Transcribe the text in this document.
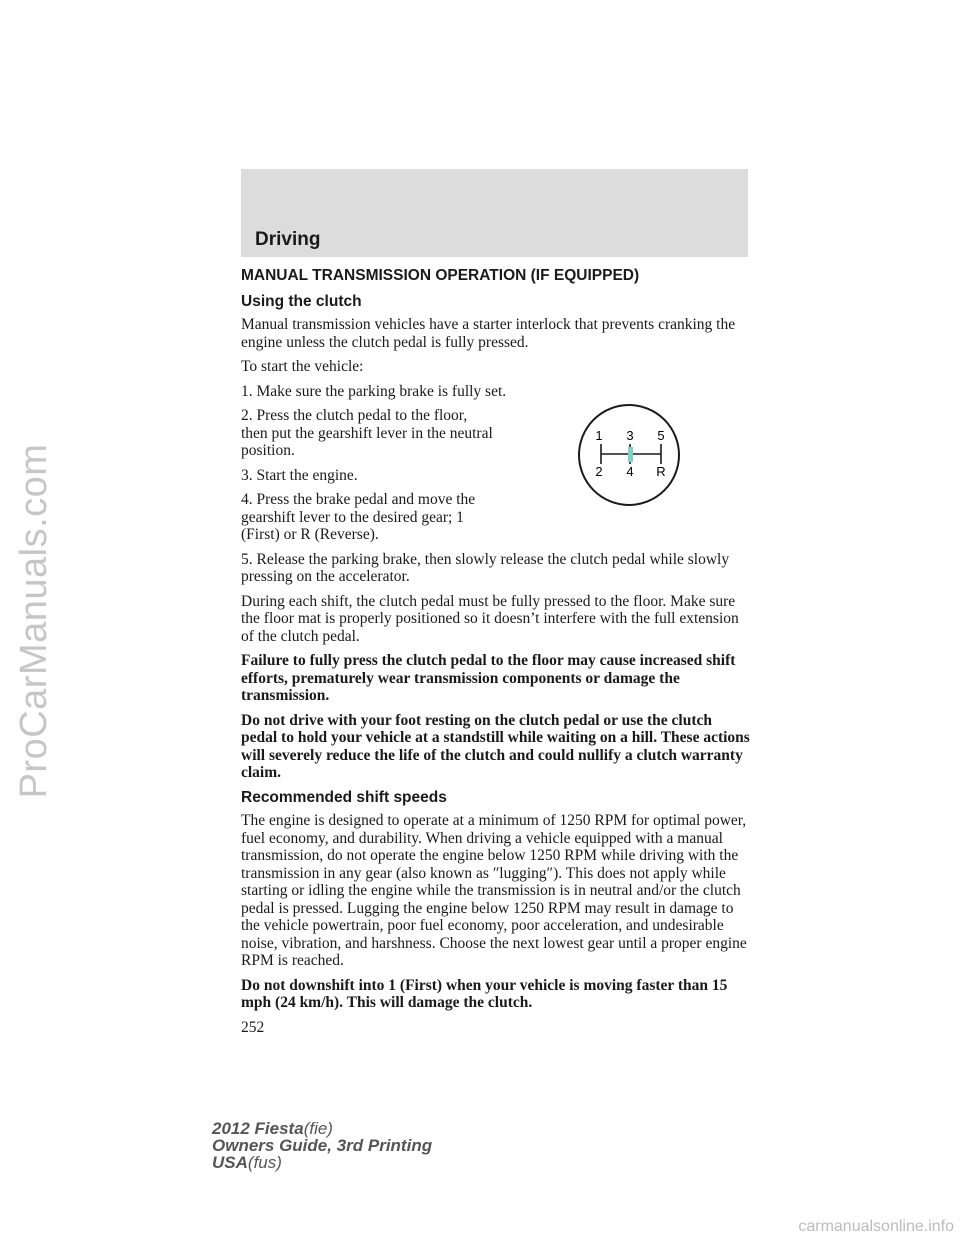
ProCarManuals.com
Driving

MANUAL TRANSMISSION OPERATION (IF EQUIPPED)

Using the clutch

Manual transmission vehicles have a starter interlock that prevents cranking the engine unless the clutch pedal is fully pressed.

To start the vehicle:

1. Make sure the parking brake is fully set.

2. Press the clutch pedal to the floor, then put the gearshift lever in the neutral position.

3. Start the engine.

4. Press the brake pedal and move the gearshift lever to the desired gear; 1 (First) or R (Reverse).

5. Release the parking brake, then slowly release the clutch pedal while slowly pressing on the accelerator.

During each shift, the clutch pedal must be fully pressed to the floor. Make sure the floor mat is properly positioned so it doesn’t interfere with the full extension of the clutch pedal.

Failure to fully press the clutch pedal to the floor may cause increased shift efforts, prematurely wear transmission components or damage the transmission.

Do not drive with your foot resting on the clutch pedal or use the clutch pedal to hold your vehicle at a standstill while waiting on a hill. These actions will severely reduce the life of the clutch and could nullify a clutch warranty claim.

Recommended shift speeds

The engine is designed to operate at a minimum of 1250 RPM for optimal power, fuel economy, and durability. When driving a vehicle equipped with a manual transmission, do not operate the engine below 1250 RPM while driving with the transmission in any gear (also known as ″lugging″). This does not apply while starting or idling the engine while the transmission is in neutral and/or the clutch pedal is pressed. Lugging the engine below 1250 RPM may result in damage to the vehicle powertrain, poor fuel economy, poor acceleration, and undesirable noise, vibration, and harshness. Choose the next lowest gear until a proper engine RPM is reached.

Do not downshift into 1 (First) when your vehicle is moving faster than 15 mph (24 km/h). This will damage the clutch.

252

1 3 5
2 4 R
2012 Fiesta(fie)
Owners Guide, 3rd Printing
USA(fus)
carmanualsonline.info
